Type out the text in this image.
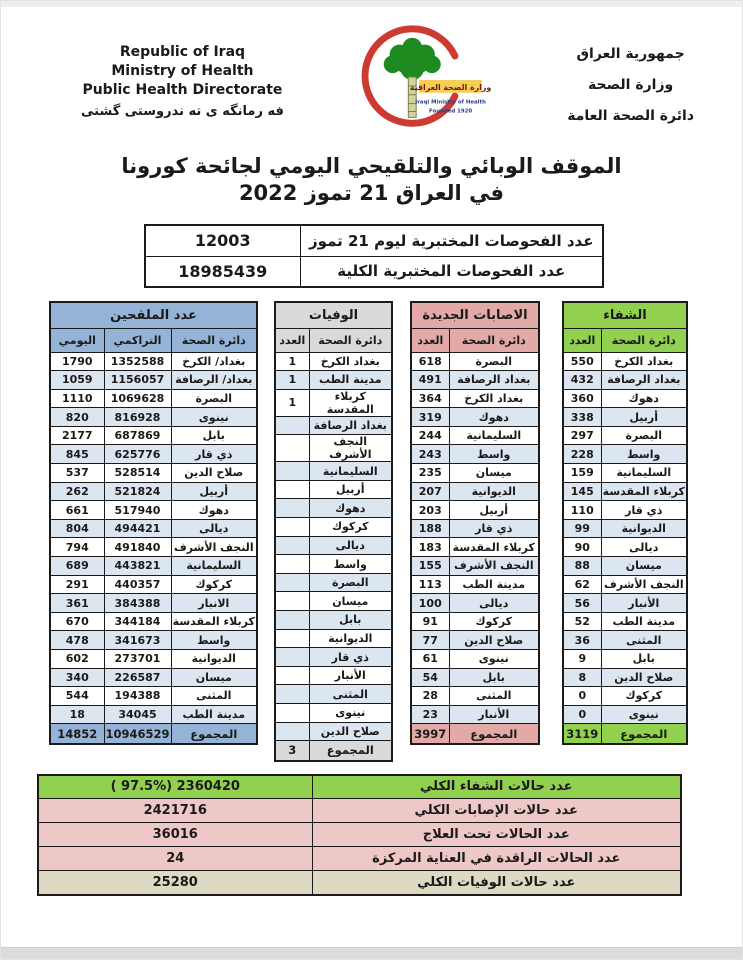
Republic of Iraq
Ministry of Health
Public Health Directorate
فه رمانگه ی ته ندروستی گشتی
وزارة الصحة العراقية
Iraqi Ministry of Health
Founded 1920
جمهورية العراق
وزارة الصحة
دائرة الصحة العامة
الموقف الوبائي والتلقيحي اليومي لجائحة كورونا
في العراق 21 تموز 2022
12003	عدد الفحوصات المختبرية ليوم 21 تموز
18985439	عدد الفحوصات المختبرية الكلية
عدد الملقحين		
اليومي	التراكمي	دائرة الصحة
1790	1352588	بغداد/ الكرخ
1059	1156057	بغداد/ الرصافة
1110	1069628	البصرة
820	816928	نينوى
2177	687869	بابل
845	625776	ذي قار
537	528514	صلاح الدين
262	521824	أربيل
661	517940	دهوك
804	494421	ديالى
794	491840	النجف الأشرف
689	443821	السليمانية
291	440357	كركوك
361	384388	الانبار
670	344184	كربلاء المقدسة
478	341673	واسط
602	273701	الديوانية
340	226587	ميسان
544	194388	المثنى
18	34045	مدينة الطب
14852	10946529	المجموع
الوفيات	
العدد	دائرة الصحة
1	بغداد الكرخ
1	مدينة الطب
1	كربلاء المقدسة
	بغداد الرصافة
	النجف الأشرف
	السليمانية
	أربيل
	دهوك
	كركوك
	ديالى
	واسط
	البصرة
	ميسان
	بابل
	الديوانية
	ذي قار
	الأنبار
	المثنى
	نينوى
	صلاح الدين
3	المجموع
الاصابات الجديدة	
العدد	دائرة الصحة
618	البصرة
491	بغداد الرصافة
364	بغداد الكرخ
319	دهوك
244	السليمانية
243	واسط
235	ميسان
207	الديوانية
203	أربيل
188	ذي قار
183	كربلاء المقدسة
155	النجف الأشرف
113	مدينة الطب
100	ديالى
91	كركوك
77	صلاح الدين
61	نينوى
54	بابل
28	المثنى
23	الأنبار
3997	المجموع
الشفاء	
العدد	دائرة الصحة
550	بغداد الكرخ
432	بغداد الرصافة
360	دهوك
338	أربيل
297	البصرة
228	واسط
159	السليمانية
145	كربلاء المقدسة
110	ذي قار
99	الديوانية
90	ديالى
88	ميسان
62	النجف الأشرف
56	الأنبار
52	مدينة الطب
36	المثنى
9	بابل
8	صلاح الدين
0	كركوك
0	نينوى
3119	المجموع
( 97.5%) 2360420	عدد حالات الشفاء الكلي
2421716	عدد حالات الإصابات الكلي
36016	عدد الحالات تحت العلاج
24	عدد الحالات الراقدة في العناية المركزة
25280	عدد حالات الوفيات الكلي
